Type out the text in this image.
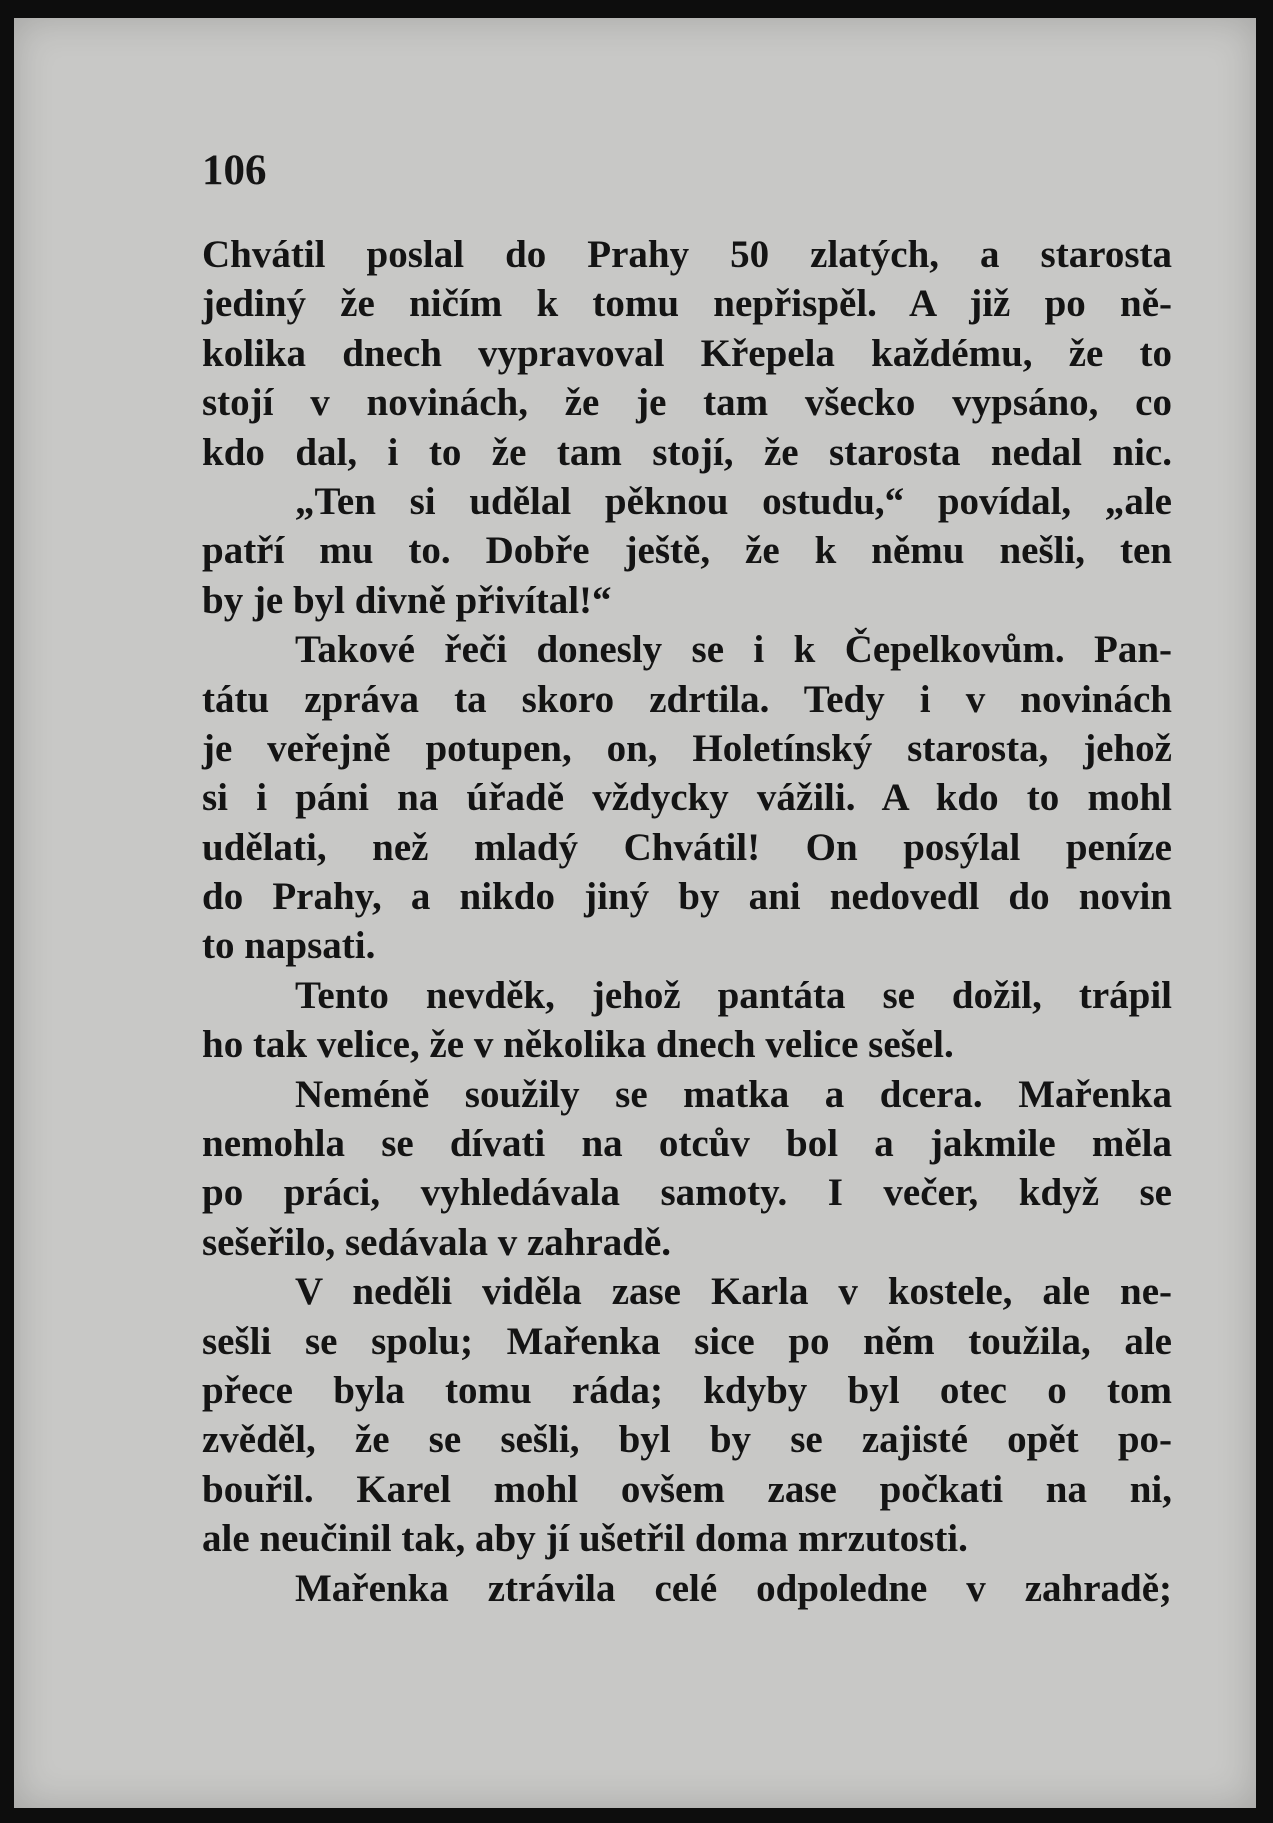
106
Chvátil poslal do Prahy 50 zlatých, a starosta
jediný že ničím k tomu nepřispěl. A již po ně-
kolika dnech vypravoval Křepela každému, že to
stojí v novinách, že je tam všecko vypsáno, co
kdo dal, i to že tam stojí, že starosta nedal nic.
„Ten si udělal pěknou ostudu,“ povídal, „ale
patří mu to. Dobře ještě, že k němu nešli, ten
by je byl divně přivítal!“
Takové řeči donesly se i k Čepelkovům. Pan-
tátu zpráva ta skoro zdrtila. Tedy i v novinách
je veřejně potupen, on, Holetínský starosta, jehož
si i páni na úřadě vždycky vážili. A kdo to mohl
udělati, než mladý Chvátil! On posýlal peníze
do Prahy, a nikdo jiný by ani nedovedl do novin
to napsati.
Tento nevděk, jehož pantáta se dožil, trápil
ho tak velice, že v několika dnech velice sešel.
Neméně soužily se matka a dcera. Mařenka
nemohla se dívati na otcův bol a jakmile měla
po práci, vyhledávala samoty. I večer, když se
sešeřilo, sedávala v zahradě.
V neděli viděla zase Karla v kostele, ale ne-
sešli se spolu; Mařenka sice po něm toužila, ale
přece byla tomu ráda; kdyby byl otec o tom
zvěděl, že se sešli, byl by se zajisté opět po-
bouřil. Karel mohl ovšem zase počkati na ni,
ale neučinil tak, aby jí ušetřil doma mrzutosti.
Mařenka ztrávila celé odpoledne v zahradě;
